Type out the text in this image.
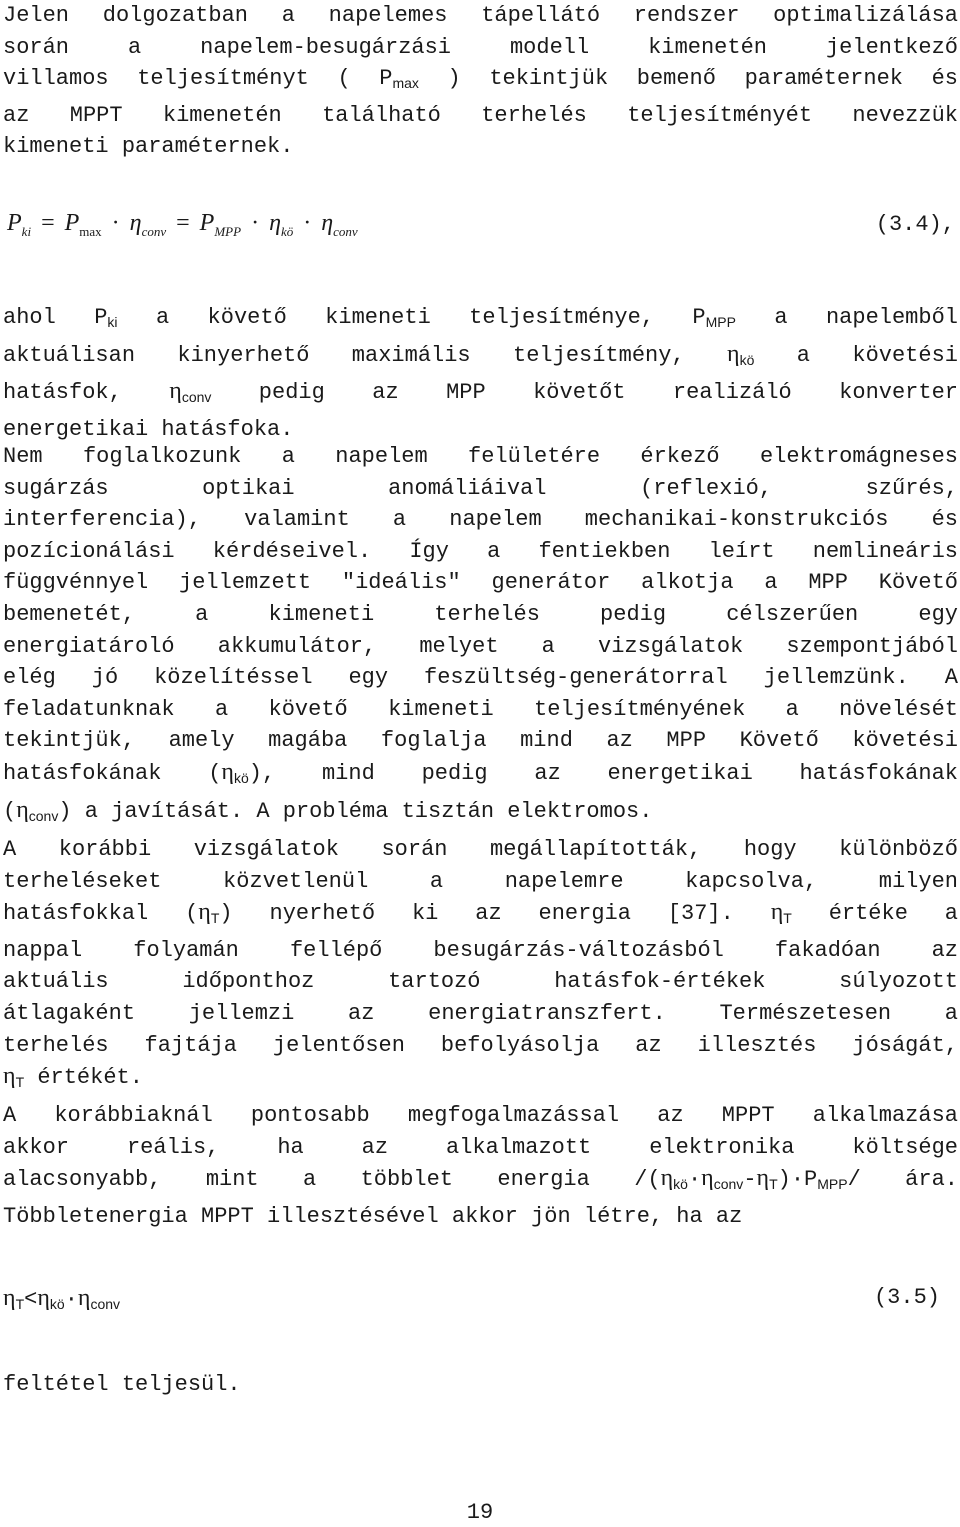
Jelen dolgozatban a napelemes tápellátó rendszer optimalizálása
során a napelem-besugárzási modell kimenetén jelentkező
villamos teljesítményt ( $P_{max}$ ) tekintjük bemenő paraméternek és
az MPPT kimenetén található terhelés teljesítményét nevezzük
kimeneti paraméternek.
$P_{ki} = P_{max} \cdot \eta_{conv} = P_{MPP} \cdot \eta_{kö} \cdot \eta_{conv}$	(3.4),
ahol $P_{ki}$ a követő kimeneti teljesítménye, $P_{MPP}$ a napelemből
aktuálisan kinyerhető maximális teljesítmény, $\eta_{kö}$ a követési
hatásfok, $\eta_{conv}$ pedig az MPP követőt realizáló konverter
energetikai hatásfoka.
Nem foglalkozunk a napelem felületére érkező elektromágneses
sugárzás optikai anomáliáival (reflexió, szűrés,
interferencia), valamint a napelem mechanikai-konstrukciós és
pozícionálási kérdéseivel. Így a fentiekben leírt nemlineáris
függvénnyel jellemzett "ideális" generátor alkotja a MPP Követő
bemenetét, a kimeneti terhelés pedig célszerűen egy
energiatároló akkumulátor, melyet a vizsgálatok szempontjából
elég jó közelítéssel egy feszültség-generátorral jellemzünk. A
feladatunknak a követő kimeneti teljesítményének a növelését
tekintjük, amely magába foglalja mind az MPP Követő követési
hatásfokának $(\eta_{kö})$, mind pedig az energetikai hatásfokának
$(\eta_{conv})$ a javítását. A probléma tisztán elektromos.
A korábbi vizsgálatok során megállapították, hogy különböző
terheléseket közvetlenül a napelemre kapcsolva, milyen
hatásfokkal $(\eta_T)$ nyerhető ki az energia [37]. $\eta_T$ értéke a
nappal folyamán fellépő besugárzás-változásból fakadóan az
aktuális időponthoz tartozó hatásfok-értékek súlyozott
átlagaként jellemzi az energiatranszfert. Természetesen a
terhelés fajtája jelentősen befolyásolja az illesztés jóságát,
$\eta_T$ értékét.
A korábbiaknál pontosabb megfogalmazással az MPPT alkalmazása
akkor reális, ha az alkalmazott elektronika költsége
alacsonyabb, mint a többlet energia $/(\eta_{kö}\cdot\eta_{conv}-\eta_T)\cdot P_{MPP}/$ ára.
Többletenergia MPPT illesztésével akkor jön létre, ha az
$\eta_T<\eta_{kö}\cdot\eta_{conv}$	(3.5)
feltétel teljesül.
19
